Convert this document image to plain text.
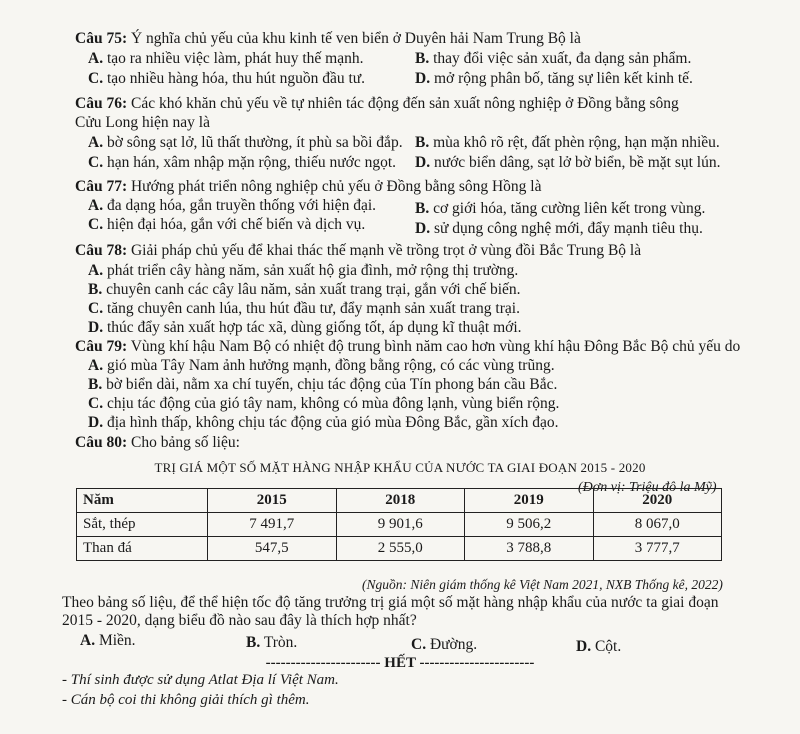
Câu 75: Ý nghĩa chủ yếu của khu kinh tế ven biển ở Duyên hải Nam Trung Bộ là
A. tạo ra nhiều việc làm, phát huy thế mạnh.	B. thay đổi việc sản xuất, đa dạng sản phẩm.
C. tạo nhiều hàng hóa, thu hút nguồn đầu tư.	D. mở rộng phân bố, tăng sự liên kết kinh tế.
Câu 76: Các khó khăn chủ yếu về tự nhiên tác động đến sản xuất nông nghiệp ở Đồng bằng sông
Cửu Long hiện nay là
A. bờ sông sạt lở, lũ thất thường, ít phù sa bồi đắp. B. mùa khô rõ rệt, đất phèn rộng, hạn mặn nhiều.
C. hạn hán, xâm nhập mặn rộng, thiếu nước ngọt. D. nước biển dâng, sạt lở bờ biển, bề mặt sụt lún.
Câu 77: Hướng phát triển nông nghiệp chủ yếu ở Đồng bằng sông Hồng là
A. đa dạng hóa, gắn truyền thống với hiện đại.	B. cơ giới hóa, tăng cường liên kết trong vùng.
C. hiện đại hóa, gắn với chế biến và dịch vụ.	D. sử dụng công nghệ mới, đẩy mạnh tiêu thụ.
Câu 78: Giải pháp chủ yếu để khai thác thế mạnh về trồng trọt ở vùng đồi Bắc Trung Bộ là
A. phát triển cây hàng năm, sản xuất hộ gia đình, mở rộng thị trường.
B. chuyên canh các cây lâu năm, sản xuất trang trại, gắn với chế biến.
C. tăng chuyên canh lúa, thu hút đầu tư, đẩy mạnh sản xuất trang trại.
D. thúc đẩy sản xuất hợp tác xã, dùng giống tốt, áp dụng kĩ thuật mới.
Câu 79: Vùng khí hậu Nam Bộ có nhiệt độ trung bình năm cao hơn vùng khí hậu Đông Bắc Bộ chủ yếu do
A. gió mùa Tây Nam ảnh hưởng mạnh, đồng bằng rộng, có các vùng trũng.
B. bờ biển dài, nằm xa chí tuyến, chịu tác động của Tín phong bán cầu Bắc.
C. chịu tác động của gió tây nam, không có mùa đông lạnh, vùng biển rộng.
D. địa hình thấp, không chịu tác động của gió mùa Đông Bắc, gần xích đạo.
Câu 80: Cho bảng số liệu:
TRỊ GIÁ MỘT SỐ MẶT HÀNG NHẬP KHẨU CỦA NƯỚC TA GIAI ĐOẠN 2015 - 2020
(Đơn vị: Triệu đô la Mỹ)
Năm	2015	2018	2019	2020
Sắt, thép	7 491,7	9 901,6	9 506,2	8 067,0
Than đá	547,5	2 555,0	3 788,8	3 777,7
(Nguồn: Niên giám thống kê Việt Nam 2021, NXB Thống kê, 2022)
Theo bảng số liệu, để thể hiện tốc độ tăng trưởng trị giá một số mặt hàng nhập khẩu của nước ta giai đoạn
2015 - 2020, dạng biểu đồ nào sau đây là thích hợp nhất?
A. Miền.	B. Tròn.	C. Đường.	D. Cột.
----------------------- HẾT -----------------------
- Thí sinh được sử dụng Atlat Địa lí Việt Nam.
- Cán bộ coi thi không giải thích gì thêm.
